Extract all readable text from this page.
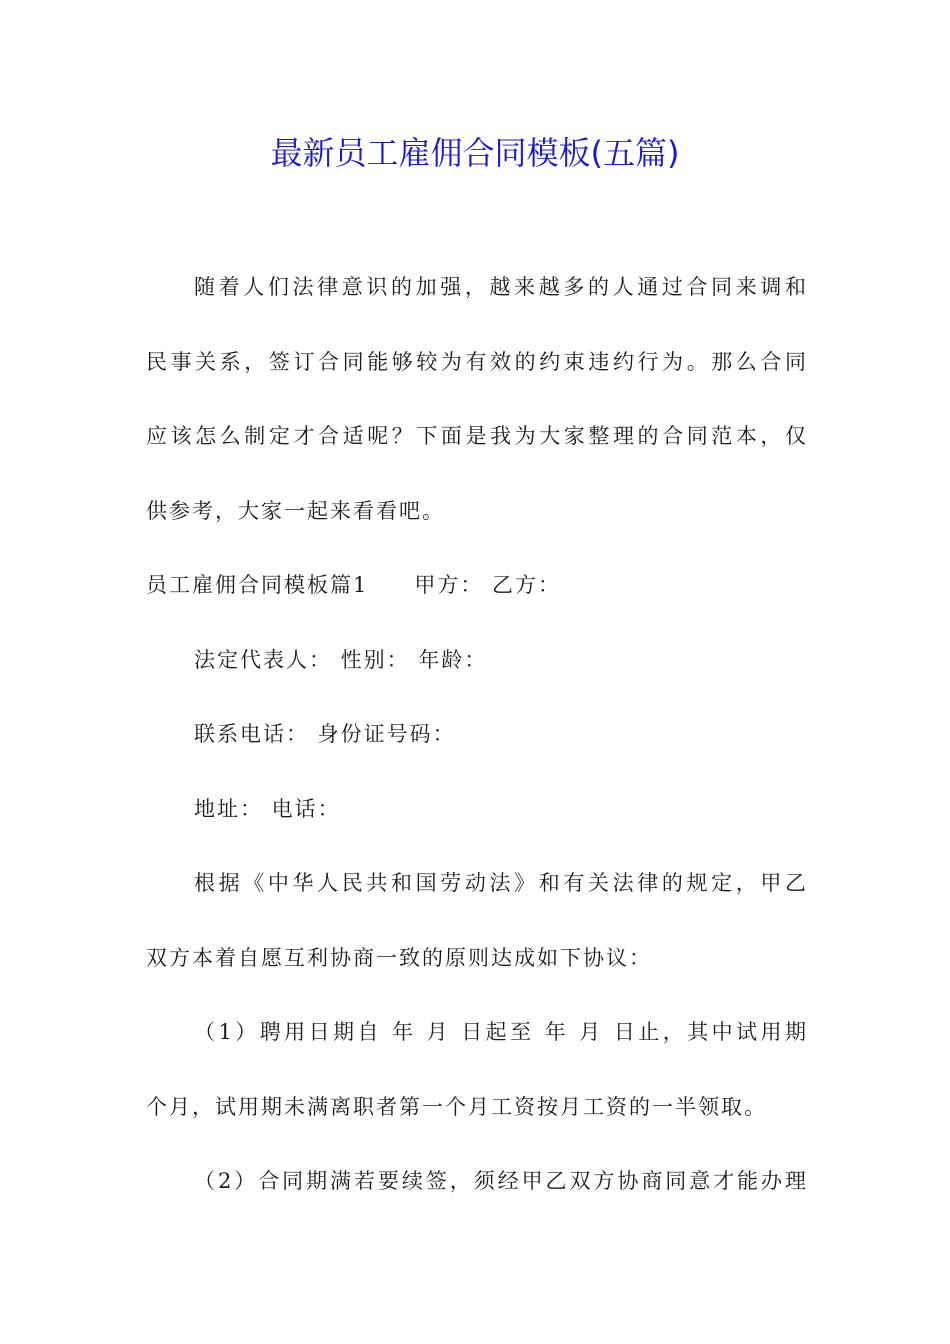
最新员工雇佣合同模板(五篇)
随着人们法律意识的加强，越来越多的人通过合同来调和
民事关系，签订合同能够较为有效的约束违约行为。那么合同
应该怎么制定才合适呢？下面是我为大家整理的合同范本，仅
供参考，大家一起来看看吧。
员工雇佣合同模板篇1 甲方： 乙方：
法定代表人： 性别： 年龄：
联系电话： 身份证号码：
地址： 电话：
根据《中华人民共和国劳动法》和有关法律的规定，甲乙
双方本着自愿互利协商一致的原则达成如下协议：
（1）聘用日期自 年 月 日起至 年 月 日止，其中试用期
个月，试用期未满离职者第一个月工资按月工资的一半领取。
（2）合同期满若要续签，须经甲乙双方协商同意才能办理
